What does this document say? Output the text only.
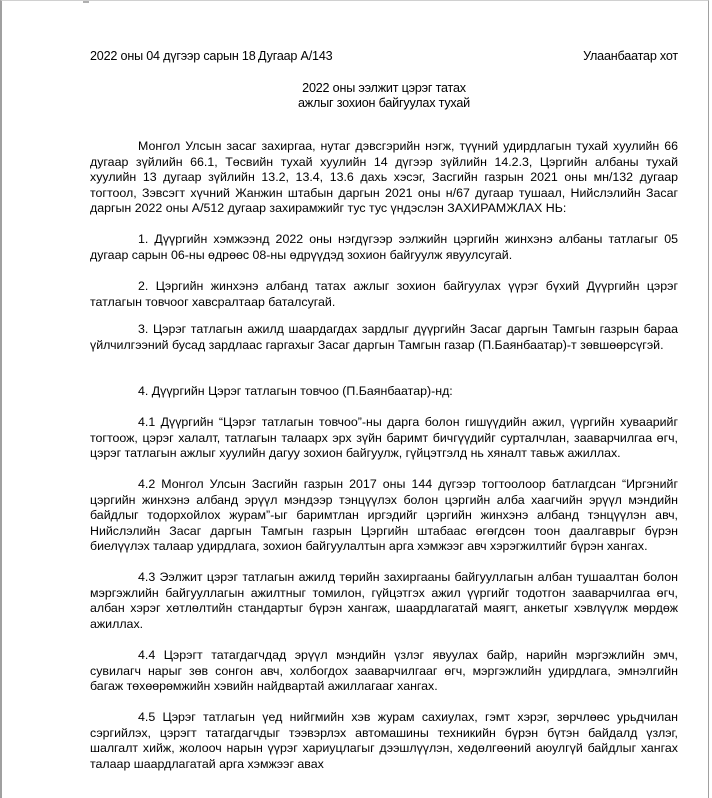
2022 оны 04 дүгээр сарын 18 Дугаар А/143	Улаанбаатар хот
2022 оны ээлжит цэрэг татах
ажлыг зохион байгуулах тухай

Монгол Улсын засаг захиргаа, нутаг дэвсгэрийн нэгж, түүний удирдлагын тухай хуулийн 66 дугаар зүйлийн 66.1, Төсвийн тухай хуулийн 14 дүгээр зүйлийн 14.2.3, Цэргийн албаны тухай хуулийн 13 дугаар зүйлийн 13.2, 13.4, 13.6 дахь хэсэг, Засгийн газрын 2021 оны мн/132 дугаар тогтоол, Зэвсэгт хүчний Жанжин штабын даргын 2021 оны н/67 дугаар тушаал, Нийслэлийн Засаг даргын 2022 оны А/512 дугаар захирамжийг тус тус үндэслэн ЗАХИРАМЖЛАХ НЬ:

1. Дүүргийн хэмжээнд 2022 оны нэгдүгээр ээлжийн цэргийн жинхэнэ албаны татлагыг 05 дугаар сарын 06-ны өдрөөс 08-ны өдрүүдэд зохион байгуулж явуулсугай.

2. Цэргийн жинхэнэ албанд татах ажлыг зохион байгуулах үүрэг бүхий Дүүргийн цэрэг татлагын товчоог хавсралтаар баталсугай.

3. Цэрэг татлагын ажилд шаардагдах зардлыг дүүргийн Засаг даргын Тамгын газрын бараа үйлчилгээний бусад зардлаас гаргахыг Засаг даргын Тамгын газар (П.Баянбаатар)-т зөвшөөрсүгэй.

4. Дүүргийн Цэрэг татлагын товчоо (П.Баянбаатар)-нд:

4.1 Дүүргийн “Цэрэг татлагын товчоо”-ны дарга болон гишүүдийн ажил, үүргийн хуваарийг тогтоож, цэрэг халалт, татлагын талаарх эрх зүйн баримт бичгүүдийг сурталчлан, зааварчилгаа өгч, цэрэг татлагын ажлыг хуулийн дагуу зохион байгуулж, гүйцэтгэлд нь хяналт тавьж ажиллах.

4.2 Монгол Улсын Засгийн газрын 2017 оны 144 дүгээр тогтоолоор батлагдсан “Иргэнийг цэргийн жинхэнэ албанд эрүүл мэндээр тэнцүүлэх болон цэргийн алба хаагчийн эрүүл мэндийн байдлыг тодорхойлох журам”-ыг баримтлан иргэдийг цэргийн жинхэнэ албанд тэнцүүлэн авч, Нийслэлийн Засаг даргын Тамгын газрын Цэргийн штабаас өгөгдсөн тоон даалгаврыг бүрэн биелүүлэх талаар удирдлага, зохион байгуулалтын арга хэмжээг авч хэрэгжилтийг бүрэн хангах.

4.3 Ээлжит цэрэг татлагын ажилд төрийн захиргааны байгууллагын албан тушаалтан болон мэргэжлийн байгууллагын ажилтныг томилон, гүйцэтгэх ажил үүргийг тодотгон зааварчилгаа өгч, албан хэрэг хөтлөлтийн стандартыг бүрэн хангаж, шаардлагатай маягт, анкетыг хэвлүүлж мөрдөж ажиллах.

4.4 Цэрэгт татагдагчдад эрүүл мэндийн үзлэг явуулах байр, нарийн мэргэжлийн эмч, сувилагч нарыг зөв сонгон авч, холбогдох зааварчилгааг өгч, мэргэжлийн удирдлага, эмнэлгийн багаж төхөөрөмжийн хэвийн найдвартай ажиллагааг хангах.

4.5 Цэрэг татлагын үед нийгмийн хэв журам сахиулах, гэмт хэрэг, зөрчлөөс урьдчилан сэргийлэх, цэрэгт татагдагчдыг тээвэрлэх автомашины техникийн бүрэн бүтэн байдалд үзлэг, шалгалт хийж, жолооч нарын үүрэг хариуцлагыг дээшлүүлэн, хөдөлгөөний аюулгүй байдлыг хангах талаар шаардлагатай арга хэмжээг авах
